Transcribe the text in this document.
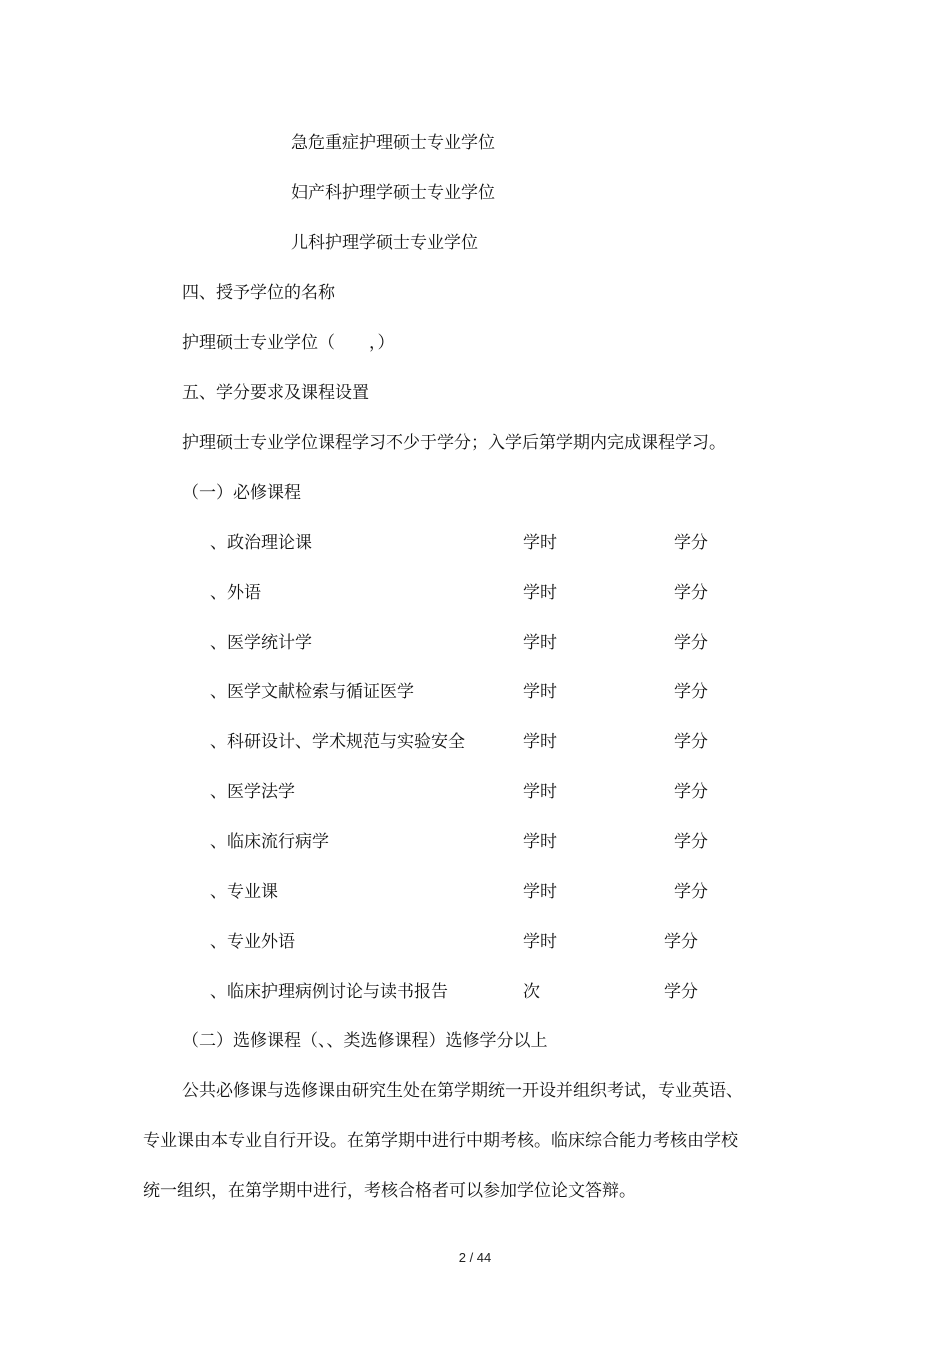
急危重症护理硕士专业学位
妇产科护理学硕士专业学位
儿科护理学硕士专业学位
四、授予学位的名称
护理硕士专业学位（　　，）
五、学分要求及课程设置
护理硕士专业学位课程学习不少于学分；入学后第学期内完成课程学习。
（一）必修课程
、政治理论课	学时	学分
、外语	学时	学分
、医学统计学	学时	学分
、医学文献检索与循证医学	学时	学分
、科研设计、学术规范与实验安全	学时	学分
、医学法学	学时	学分
、临床流行病学	学时	学分
、专业课	学时	学分
、专业外语	学时	学分
、临床护理病例讨论与读书报告	次	学分
（二）选修课程（、、类选修课程）选修学分以上
公共必修课与选修课由研究生处在第学期统一开设并组织考试，专业英语、
专业课由本专业自行开设。在第学期中进行中期考核。临床综合能力考核由学校
统一组织，在第学期中进行，考核合格者可以参加学位论文答辩。
2 / 44
